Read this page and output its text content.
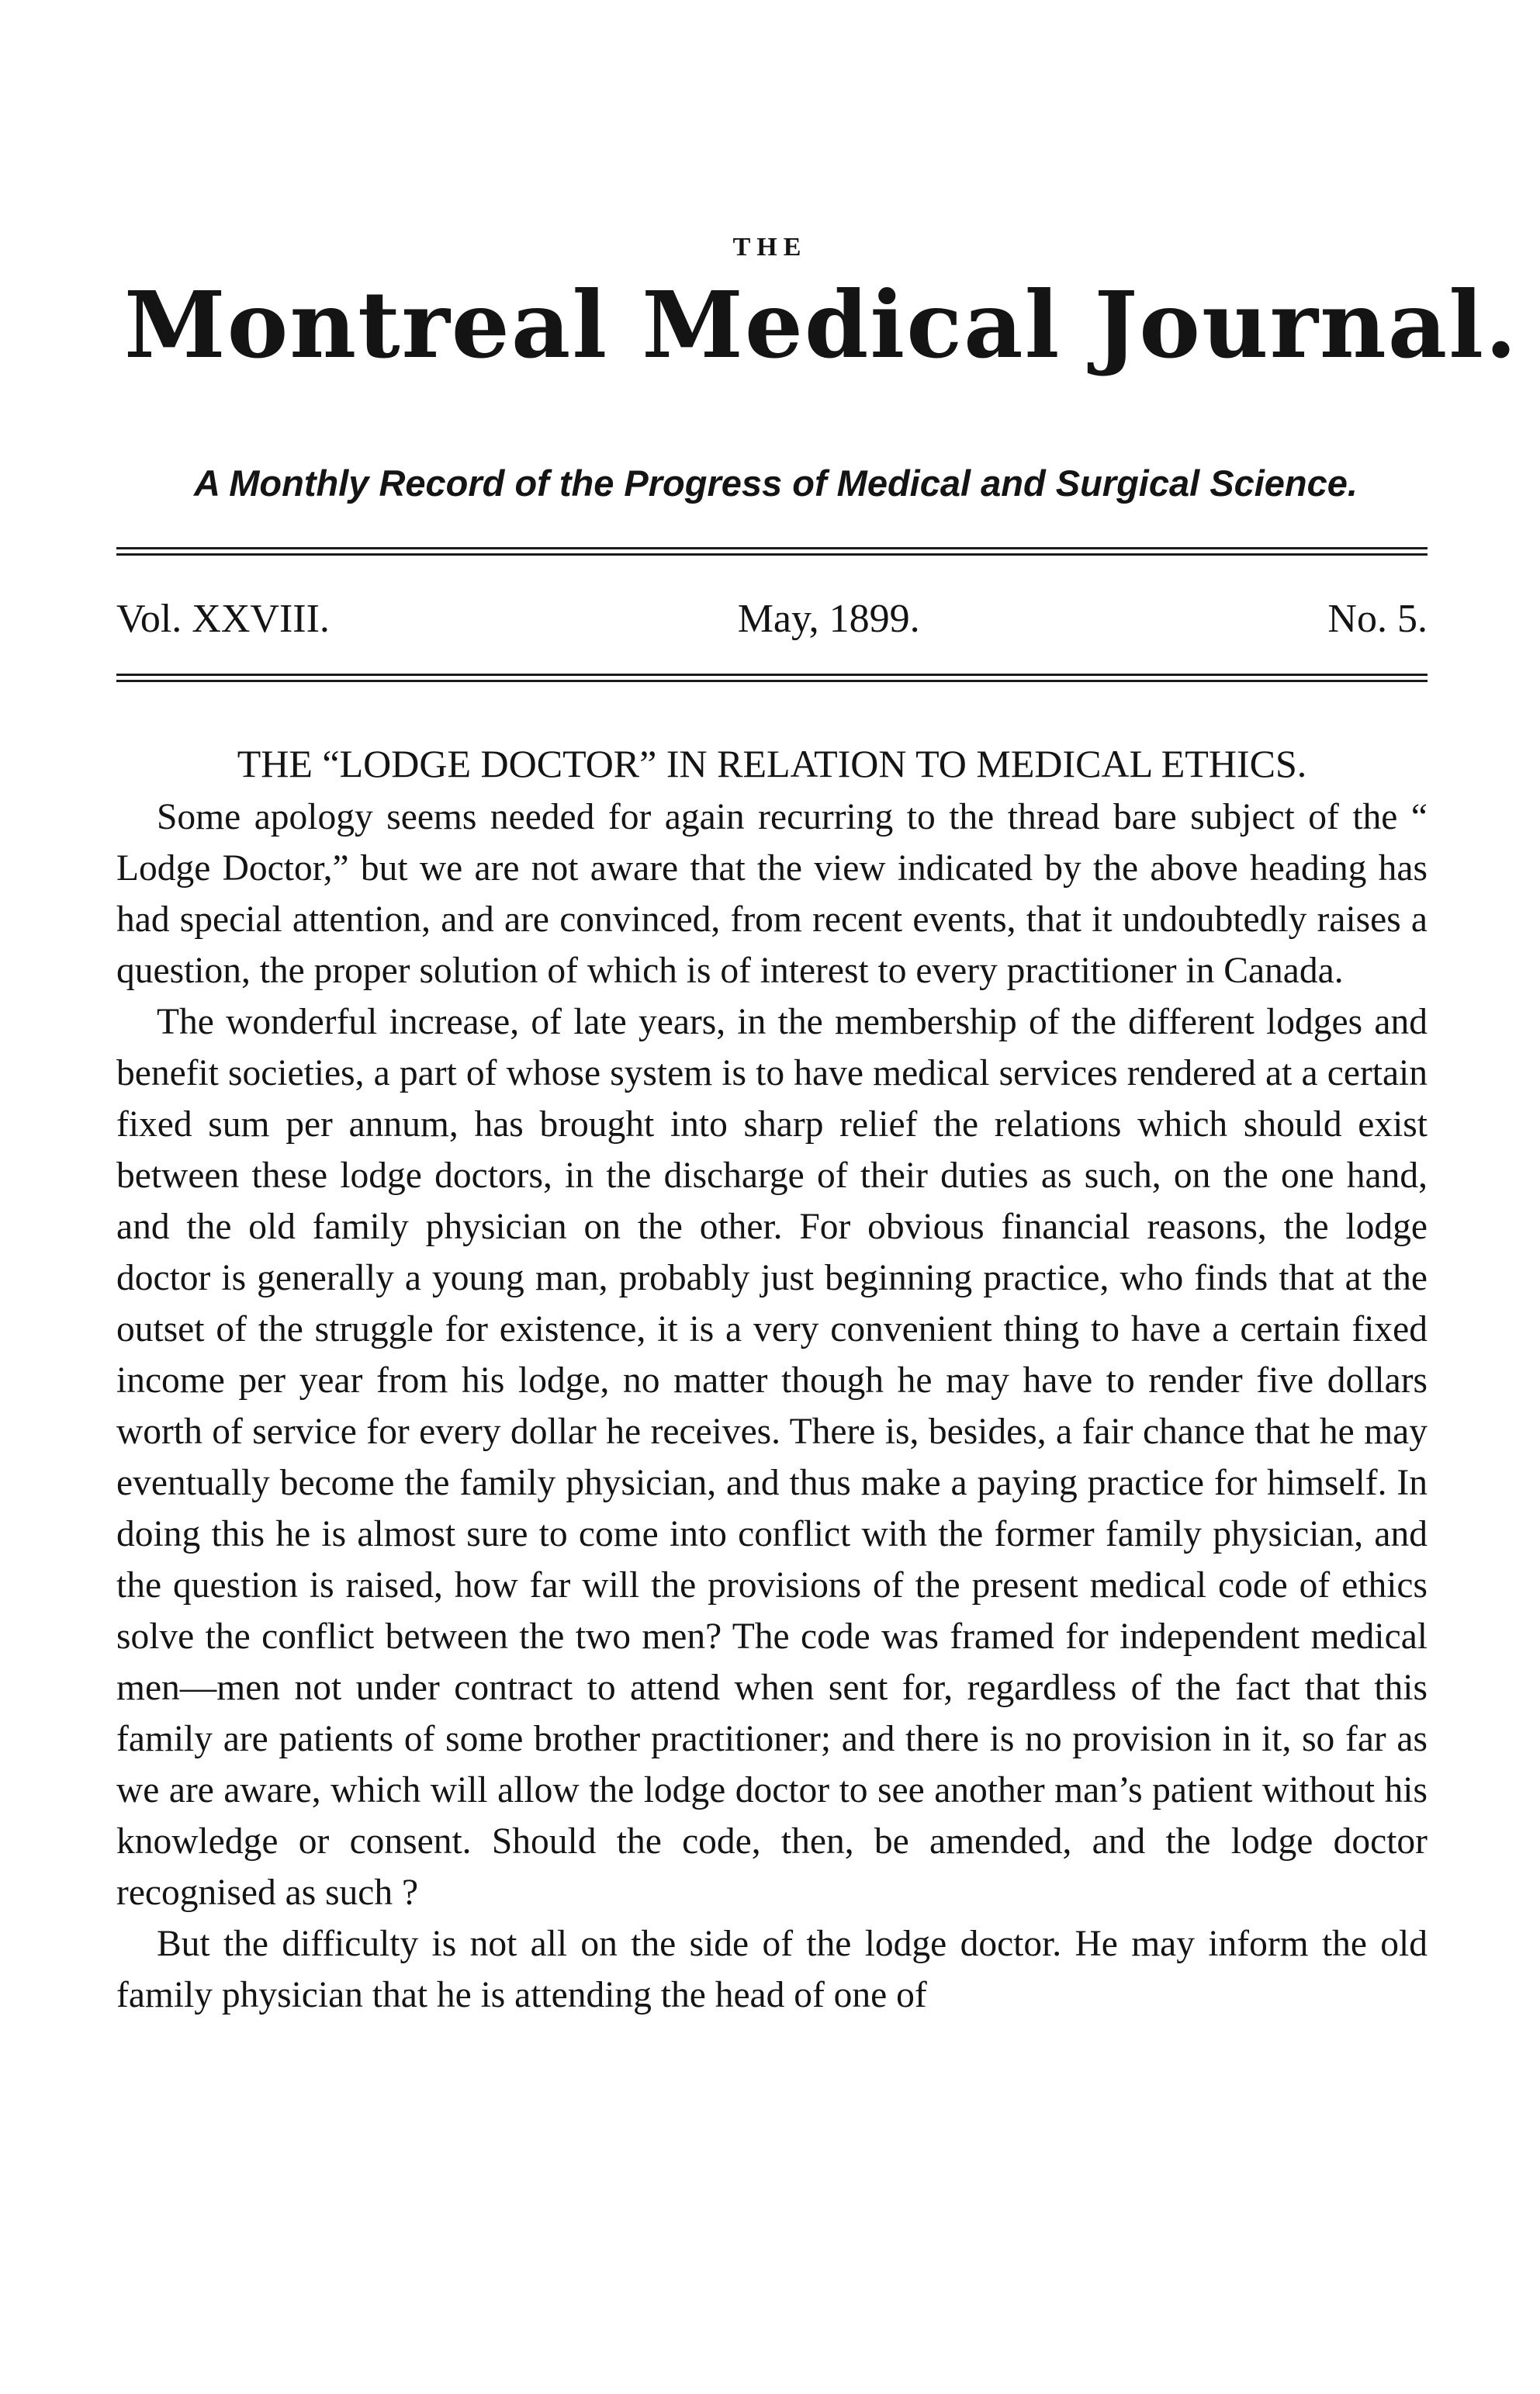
THE
Montreal Medical Journal.
A Monthly Record of the Progress of Medical and Surgical Science.
Vol. XXVIII.	May, 1899.	No. 5.
THE “LODGE DOCTOR” IN RELATION TO MEDICAL ETHICS.

Some apology seems needed for again recurring to the thread bare subject of the “ Lodge Doctor,” but we are not aware that the view indicated by the above heading has had special attention, and are convinced, from recent events, that it undoubtedly raises a question, the proper solution of which is of interest to every practitioner in Canada.

The wonderful increase, of late years, in the membership of the different lodges and benefit societies, a part of whose system is to have medical services rendered at a certain fixed sum per annum, has brought into sharp relief the relations which should exist between these lodge doctors, in the discharge of their duties as such, on the one hand, and the old family physician on the other. For obvious financial reasons, the lodge doctor is generally a young man, probably just beginning practice, who finds that at the outset of the struggle for existence, it is a very convenient thing to have a certain fixed income per year from his lodge, no matter though he may have to render five dollars worth of service for every dollar he receives. There is, besides, a fair chance that he may eventually become the family physician, and thus make a paying practice for himself. In doing this he is almost sure to come into conflict with the former family physician, and the question is raised, how far will the provisions of the present medical code of ethics solve the conflict between the two men? The code was framed for independent medical men—men not under contract to attend when sent for, regardless of the fact that this family are patients of some brother practitioner; and there is no provision in it, so far as we are aware, which will allow the lodge doctor to see another man’s patient without his knowledge or consent. Should the code, then, be amended, and the lodge doctor recognised as such ?

But the difficulty is not all on the side of the lodge doctor. He may inform the old family physician that he is attending the head of one of
